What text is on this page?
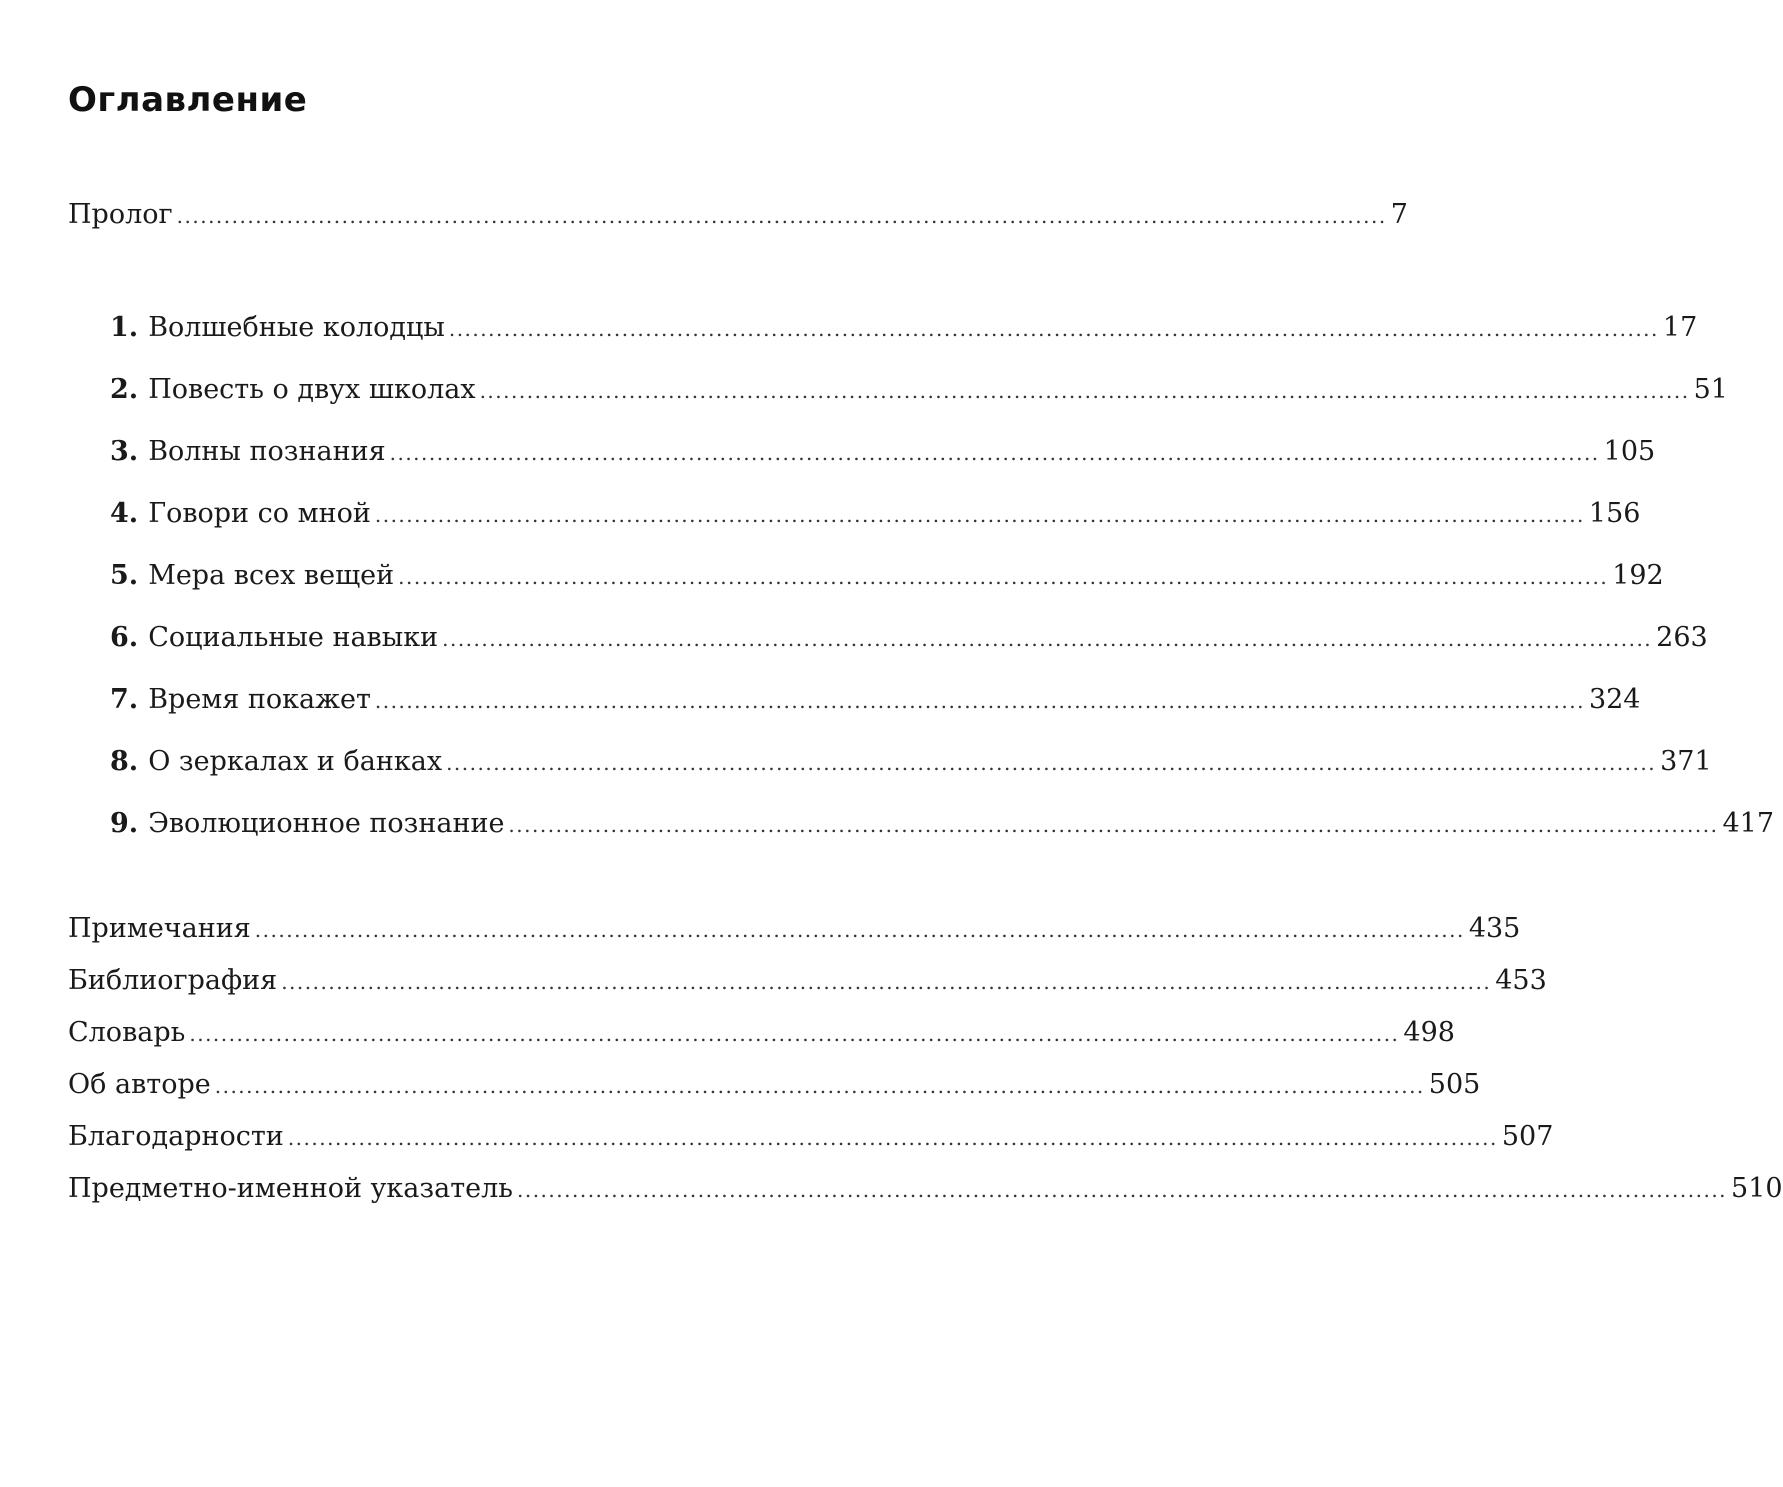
Оглавление
Пролог .......................................................................................................................................................... 7
1. Волшебные колодцы .......................................................................................................................................................... 17
2. Повесть о двух школах .......................................................................................................................................................... 51
3. Волны познания .......................................................................................................................................................... 105
4. Говори со мной .......................................................................................................................................................... 156
5. Мера всех вещей .......................................................................................................................................................... 192
6. Социальные навыки .......................................................................................................................................................... 263
7. Время покажет .......................................................................................................................................................... 324
8. О зеркалах и банках .......................................................................................................................................................... 371
9. Эволюционное познание .......................................................................................................................................................... 417
Примечания .......................................................................................................................................................... 435
Библиография .......................................................................................................................................................... 453
Словарь .......................................................................................................................................................... 498
Об авторе .......................................................................................................................................................... 505
Благодарности .......................................................................................................................................................... 507
Предметно-именной указатель .......................................................................................................................................................... 510
